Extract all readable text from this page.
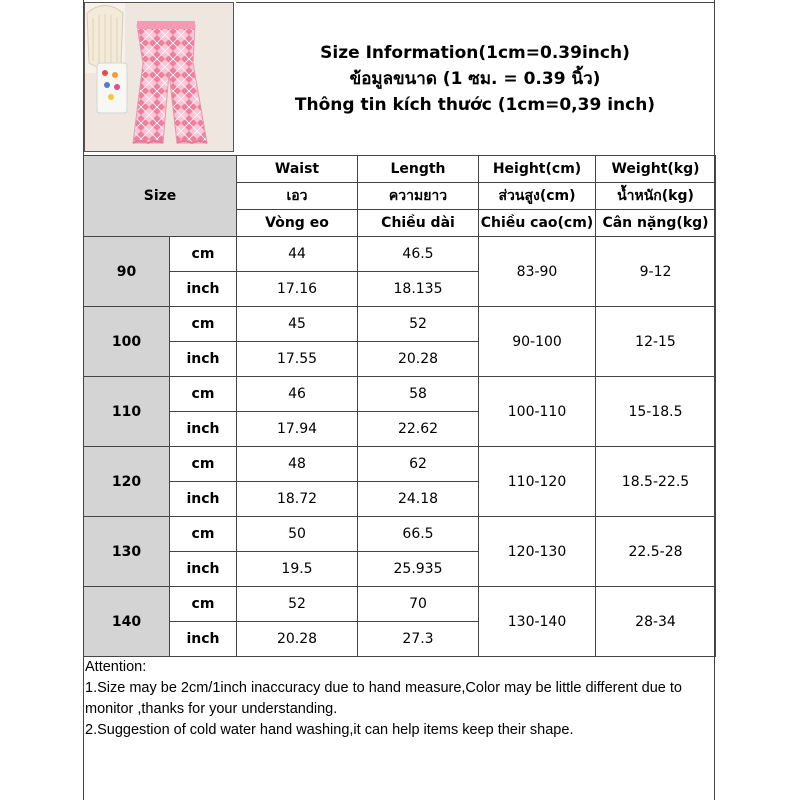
Size Information(1cm=0.39inch)
ข้อมูลขนาด (1 ซม. = 0.39 นิ้ว)
Thông tin kích thước (1cm=0,39 inch)
Size		Waist	Length	Height(cm)	Weight(kg)
		เอว	ความยาว	ส่วนสูง(cm)	น้ำหนัก(kg)
		Vòng eo	Chiều dài	Chiều cao(cm)	Cân nặng(kg)
90	cm	44	46.5	83-90	9-12
	inch	17.16	18.135		
100	cm	45	52	90-100	12-15
	inch	17.55	20.28		
110	cm	46	58	100-110	15-18.5
	inch	17.94	22.62		
120	cm	48	62	110-120	18.5-22.5
	inch	18.72	24.18		
130	cm	50	66.5	120-130	22.5-28
	inch	19.5	25.935		
140	cm	52	70	130-140	28-34
	inch	20.28	27.3		

Attention:

1.Size may be 2cm/1inch inaccuracy due to hand measure,Color may be little different due to monitor ,thanks for your understanding.

2.Suggestion of cold water hand washing,it can help items keep their shape.
